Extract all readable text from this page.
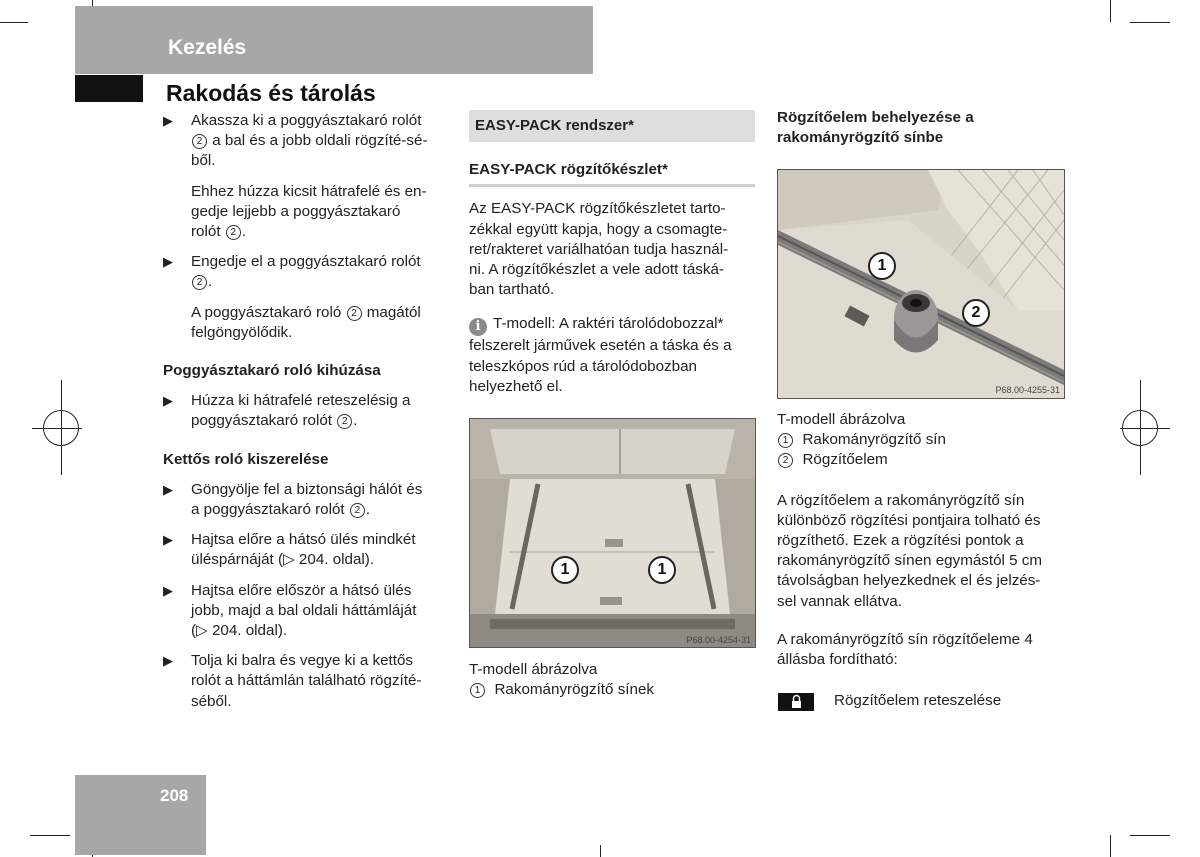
Kezelés
Rakodás és tárolás
▶ Akassza ki a poggyásztakaró rolót
2 a bal és a jobb oldali rögzíté-sé-
ből.

Ehhez húzza kicsit hátrafelé és en-
gedje lejjebb a poggyásztakaró
rolót 2 .

▶ Engedje el a poggyásztakaró rolót
2 .

A poggyásztakaró roló 2 magától
felgöngyölődik.

Poggyásztakaró roló kihúzása
▶ Húzza ki hátrafelé reteszelésig a
poggyásztakaró rolót 2 .
Kettős roló kiszerelése
▶ Göngyölje fel a biztonsági hálót és
a poggyásztakaró rolót 2 .
▶ Hajtsa előre a hátsó ülés mindkét
üléspárnáját (▷ 204. oldal).
▶ Hajtsa előre először a hátsó ülés
jobb, majd a bal oldali háttámláját
(▷ 204. oldal).
▶ Tolja ki balra és vegye ki a kettős
rolót a háttámlán található rögzíté-
séből.
EASY-PACK rendszer*
EASY-PACK rögzítőkészlet*

Az EASY-PACK rögzítőkészletet tarto-
zékkal együtt kapja, hogy a csomagte-
ret/rakteret variálhatóan tudja használ-
ni. A rögzítőkészlet a vele adott táská-
ban tartható.

i T-modell: A raktéri tárolódobozzal*
felszerelt járművek esetén a táska és a
teleszkópos rúd a tárolódobozban
helyezhető el.

1	1
P68.00-4254-31
T-modell ábrázolva
1 Rakományrögzítő sínek
Rögzítőelem behelyezése a
rakományrögzítő sínbe
1
2
P68.00-4255-31
T-modell ábrázolva
1 Rakományrögzítő sín
2 Rögzítőelem

A rögzítőelem a rakományrögzítő sín
különböző rögzítési pontjaira tolható és
rögzíthető. Ezek a rögzítési pontok a
rakományrögzítő sínen egymástól 5 cm
távolságban helyezkednek el és jelzés-
sel vannak ellátva.

A rakományrögzítő sín rögzítőeleme 4
állásba fordítható:

Rögzítőelem reteszelése
208
